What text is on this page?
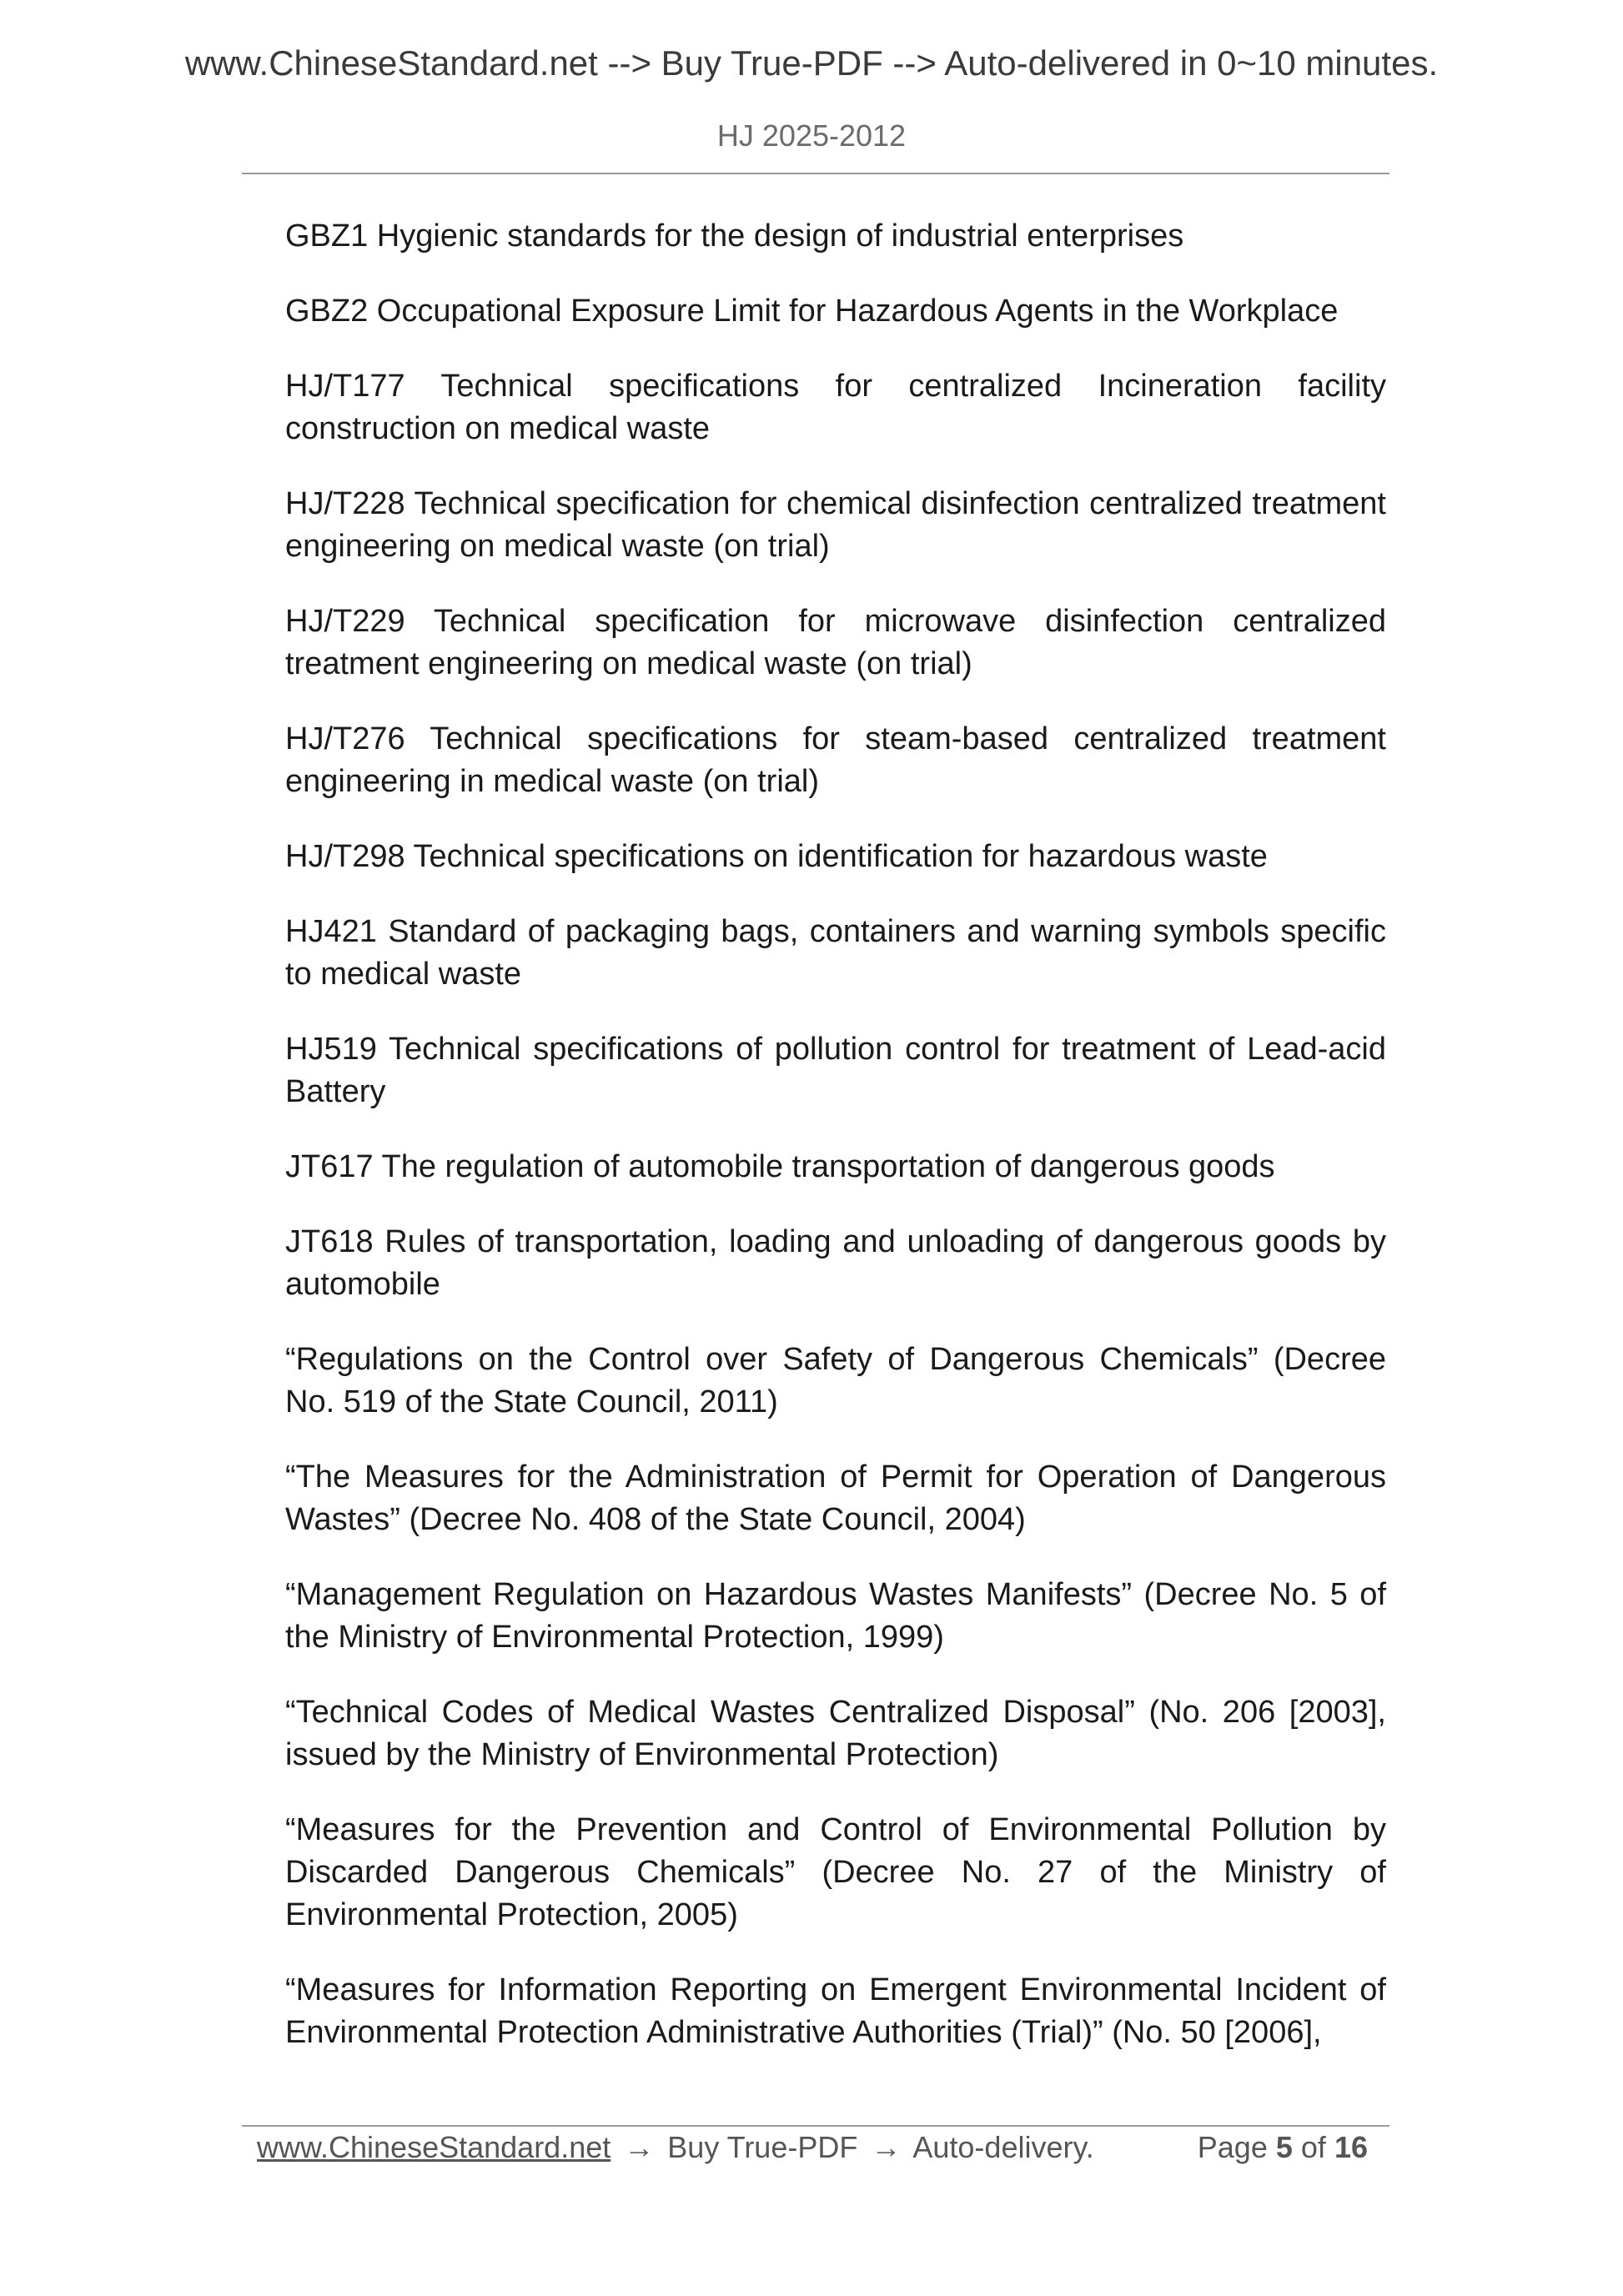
www.ChineseStandard.net --> Buy True-PDF --> Auto-delivered in 0~10 minutes.
HJ 2025-2012

GBZ1 Hygienic standards for the design of industrial enterprises

GBZ2 Occupational Exposure Limit for Hazardous Agents in the Workplace

HJ/T177 Technical specifications for centralized Incineration facility construction on medical waste

HJ/T228 Technical specification for chemical disinfection centralized treatment engineering on medical waste (on trial)

HJ/T229 Technical specification for microwave disinfection centralized treatment engineering on medical waste (on trial)

HJ/T276 Technical specifications for steam-based centralized treatment engineering in medical waste (on trial)

HJ/T298 Technical specifications on identification for hazardous waste

HJ421 Standard of packaging bags, containers and warning symbols specific to medical waste

HJ519 Technical specifications of pollution control for treatment of Lead-acid Battery

JT617 The regulation of automobile transportation of dangerous goods

JT618 Rules of transportation, loading and unloading of dangerous goods by automobile

“Regulations on the Control over Safety of Dangerous Chemicals” (Decree No. 519 of the State Council, 2011)

“The Measures for the Administration of Permit for Operation of Dangerous Wastes” (Decree No. 408 of the State Council, 2004)

“Management Regulation on Hazardous Wastes Manifests” (Decree No. 5 of the Ministry of Environmental Protection, 1999)

“Technical Codes of Medical Wastes Centralized Disposal” (No. 206 [2003], issued by the Ministry of Environmental Protection)

“Measures for the Prevention and Control of Environmental Pollution by Discarded Dangerous Chemicals” (Decree No. 27 of the Ministry of Environmental Protection, 2005)

“Measures for Information Reporting on Emergent Environmental Incident of Environmental Protection Administrative Authorities (Trial)” (No. 50 [2006],

www.ChineseStandard.net → Buy True-PDF → Auto-delivery.	Page 5 of 16
